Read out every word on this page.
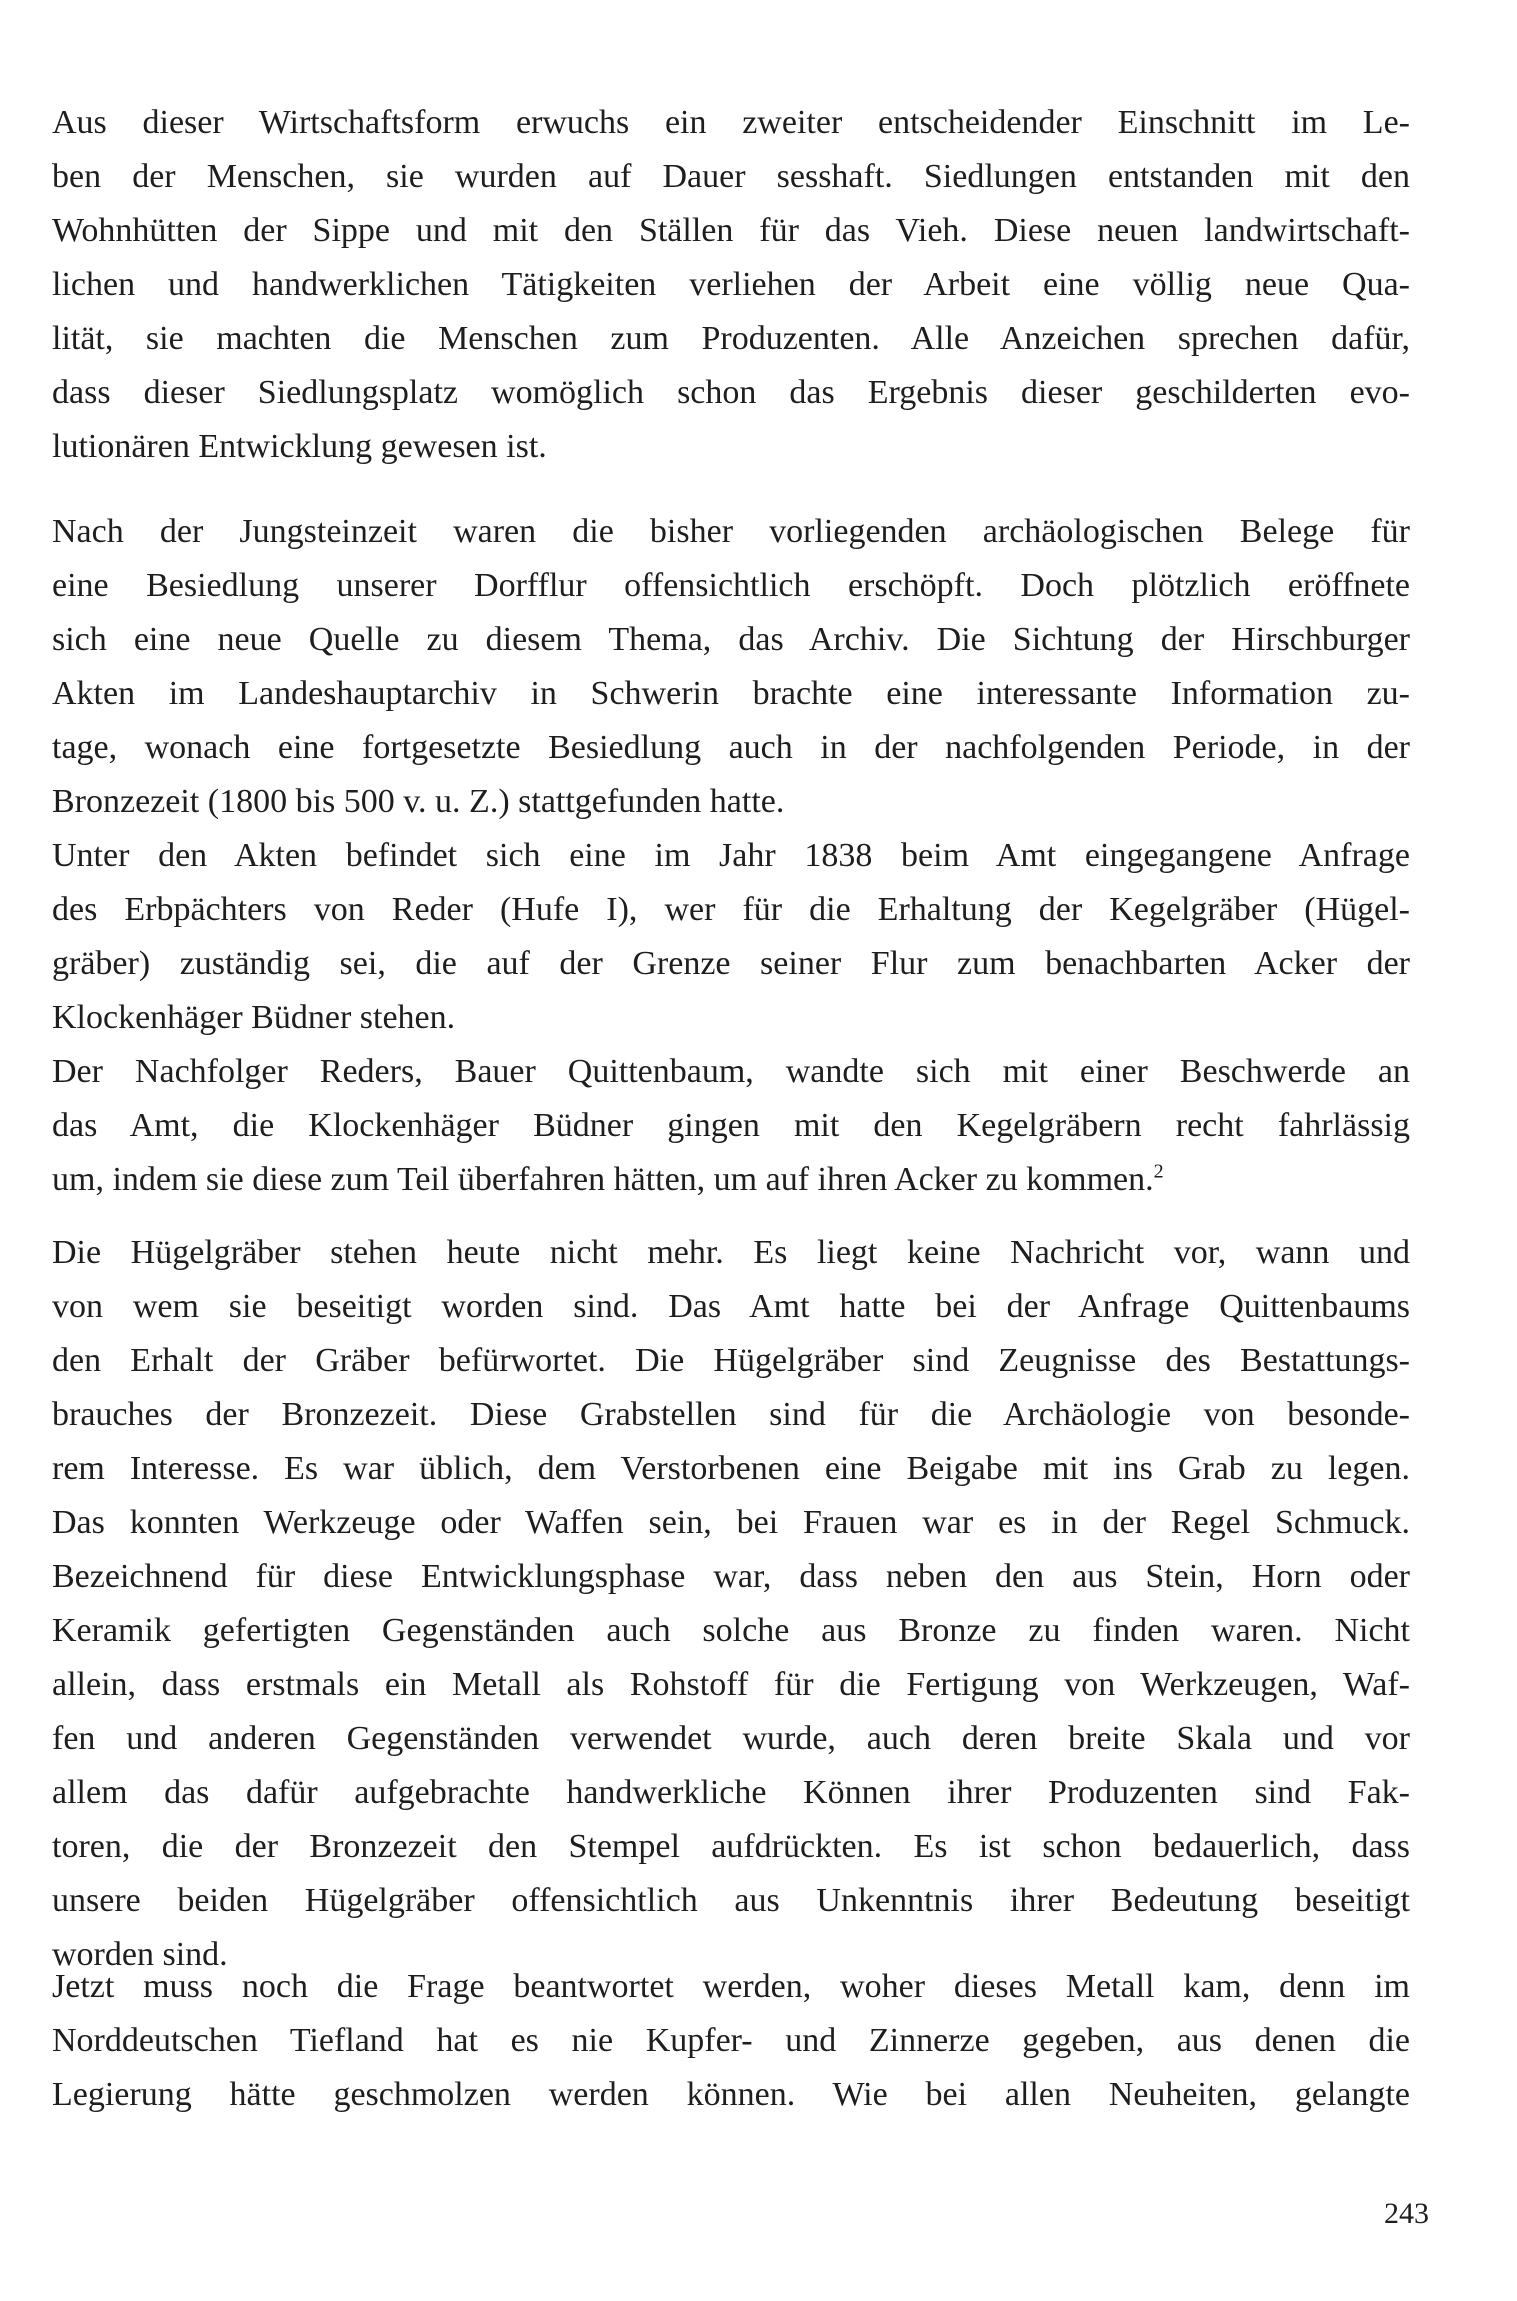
Aus dieser Wirtschaftsform erwuchs ein zweiter entscheidender Einschnitt im Le-
ben der Menschen, sie wurden auf Dauer sesshaft. Siedlungen entstanden mit den
Wohnhütten der Sippe und mit den Ställen für das Vieh. Diese neuen landwirtschaft-
lichen und handwerklichen Tätigkeiten verliehen der Arbeit eine völlig neue Qua-
lität, sie machten die Menschen zum Produzenten. Alle Anzeichen sprechen dafür,
dass dieser Siedlungsplatz womöglich schon das Ergebnis dieser geschilderten evo-
lutionären Entwicklung gewesen ist.

Nach der Jungsteinzeit waren die bisher vorliegenden archäologischen Belege für
eine Besiedlung unserer Dorfflur offensichtlich erschöpft. Doch plötzlich eröffnete
sich eine neue Quelle zu diesem Thema, das Archiv. Die Sichtung der Hirschburger
Akten im Landeshauptarchiv in Schwerin brachte eine interessante Information zu-
tage, wonach eine fortgesetzte Besiedlung auch in der nachfolgenden Periode, in der
Bronzezeit (1800 bis 500 v. u. Z.) stattgefunden hatte.
Unter den Akten befindet sich eine im Jahr 1838 beim Amt eingegangene Anfrage
des Erbpächters von Reder (Hufe I), wer für die Erhaltung der Kegelgräber (Hügel-
gräber) zuständig sei, die auf der Grenze seiner Flur zum benachbarten Acker der
Klockenhäger Büdner stehen.
Der Nachfolger Reders, Bauer Quittenbaum, wandte sich mit einer Beschwerde an
das Amt, die Klockenhäger Büdner gingen mit den Kegelgräbern recht fahrlässig
um, indem sie diese zum Teil überfahren hätten, um auf ihren Acker zu kommen.$^2$

Die Hügelgräber stehen heute nicht mehr. Es liegt keine Nachricht vor, wann und
von wem sie beseitigt worden sind. Das Amt hatte bei der Anfrage Quittenbaums
den Erhalt der Gräber befürwortet. Die Hügelgräber sind Zeugnisse des Bestattungs-
brauches der Bronzezeit. Diese Grabstellen sind für die Archäologie von besonde-
rem Interesse. Es war üblich, dem Verstorbenen eine Beigabe mit ins Grab zu legen.
Das konnten Werkzeuge oder Waffen sein, bei Frauen war es in der Regel Schmuck.
Bezeichnend für diese Entwicklungsphase war, dass neben den aus Stein, Horn oder
Keramik gefertigten Gegenständen auch solche aus Bronze zu finden waren. Nicht
allein, dass erstmals ein Metall als Rohstoff für die Fertigung von Werkzeugen, Waf-
fen und anderen Gegenständen verwendet wurde, auch deren breite Skala und vor
allem das dafür aufgebrachte handwerkliche Können ihrer Produzenten sind Fak-
toren, die der Bronzezeit den Stempel aufdrückten. Es ist schon bedauerlich, dass
unsere beiden Hügelgräber offensichtlich aus Unkenntnis ihrer Bedeutung beseitigt
worden sind.

Jetzt muss noch die Frage beantwortet werden, woher dieses Metall kam, denn im
Norddeutschen Tiefland hat es nie Kupfer- und Zinnerze gegeben, aus denen die
Legierung hätte geschmolzen werden können. Wie bei allen Neuheiten, gelangte

243
